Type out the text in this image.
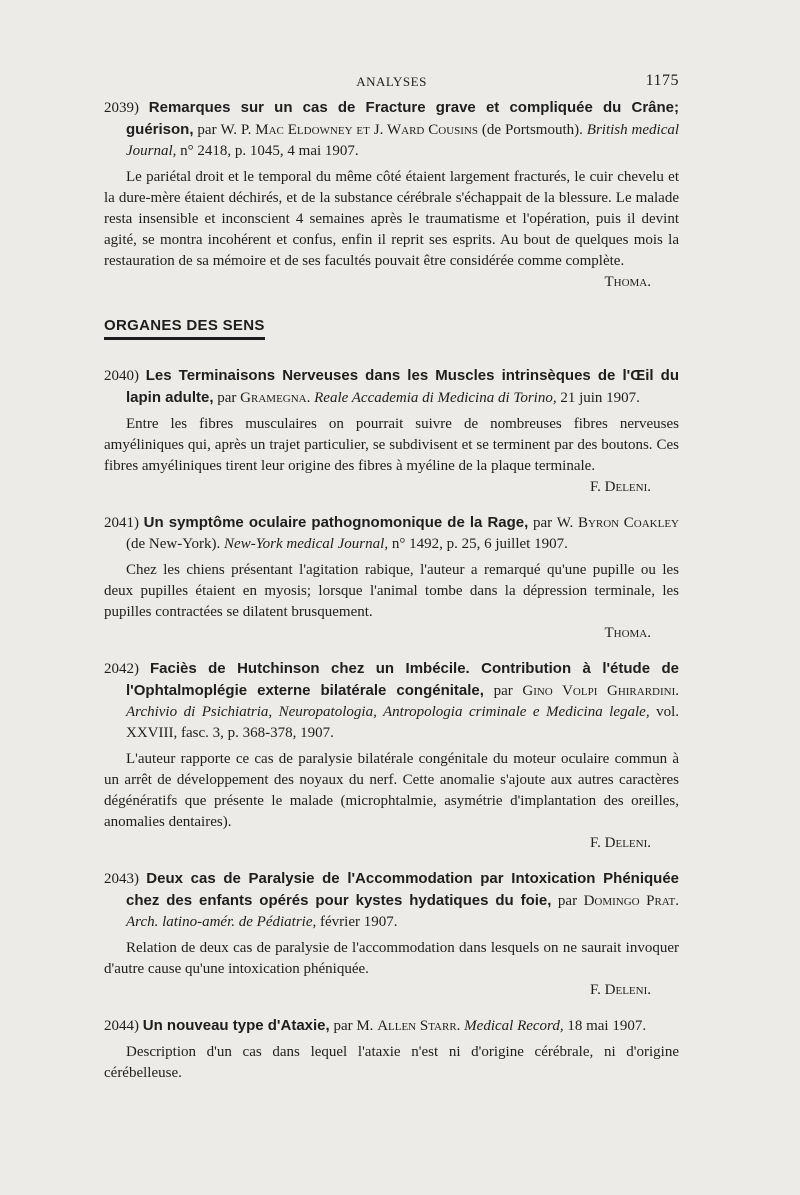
ANALYSES	1175

2039) Remarques sur un cas de Fracture grave et compliquée du Crâne; guérison, par W. P. Mac Eldowney et J. Ward Cousins (de Portsmouth). British medical Journal, n° 2418, p. 1045, 4 mai 1907.

Le pariétal droit et le temporal du même côté étaient largement fracturés, le cuir chevelu et la dure-mère étaient déchirés, et de la substance cérébrale s'échappait de la blessure. Le malade resta insensible et inconscient 4 semaines après le traumatisme et l'opération, puis il devint agité, se montra incohérent et confus, enfin il reprit ses esprits. Au bout de quelques mois la restauration de sa mémoire et de ses facultés pouvait être considérée comme complète.

Thoma.

ORGANES DES SENS

2040) Les Terminaisons Nerveuses dans les Muscles intrinsèques de l'Œil du lapin adulte, par Gramegna. Reale Accademia di Medicina di Torino, 21 juin 1907.

Entre les fibres musculaires on pourrait suivre de nombreuses fibres nerveuses amyéliniques qui, après un trajet particulier, se subdivisent et se terminent par des boutons. Ces fibres amyéliniques tirent leur origine des fibres à myéline de la plaque terminale.

F. Deleni.

2041) Un symptôme oculaire pathognomonique de la Rage, par W. Byron Coakley (de New-York). New-York medical Journal, n° 1492, p. 25, 6 juillet 1907.

Chez les chiens présentant l'agitation rabique, l'auteur a remarqué qu'une pupille ou les deux pupilles étaient en myosis; lorsque l'animal tombe dans la dépression terminale, les pupilles contractées se dilatent brusquement.

Thoma.

2042) Faciès de Hutchinson chez un Imbécile. Contribution à l'étude de l'Ophtalmoplégie externe bilatérale congénitale, par Gino Volpi Ghirardini. Archivio di Psichiatria, Neuropatologia, Antropologia criminale e Medicina legale, vol. XXVIII, fasc. 3, p. 368-378, 1907.

L'auteur rapporte ce cas de paralysie bilatérale congénitale du moteur oculaire commun à un arrêt de développement des noyaux du nerf. Cette anomalie s'ajoute aux autres caractères dégénératifs que présente le malade (microphtalmie, asymétrie d'implantation des oreilles, anomalies dentaires).

F. Deleni.

2043) Deux cas de Paralysie de l'Accommodation par Intoxication Phéniquée chez des enfants opérés pour kystes hydatiques du foie, par Domingo Prat. Arch. latino-amér. de Pédiatrie, février 1907.

Relation de deux cas de paralysie de l'accommodation dans lesquels on ne saurait invoquer d'autre cause qu'une intoxication phéniquée.

F. Deleni.

2044) Un nouveau type d'Ataxie, par M. Allen Starr. Medical Record, 18 mai 1907.

Description d'un cas dans lequel l'ataxie n'est ni d'origine cérébrale, ni d'origine cérébelleuse.
